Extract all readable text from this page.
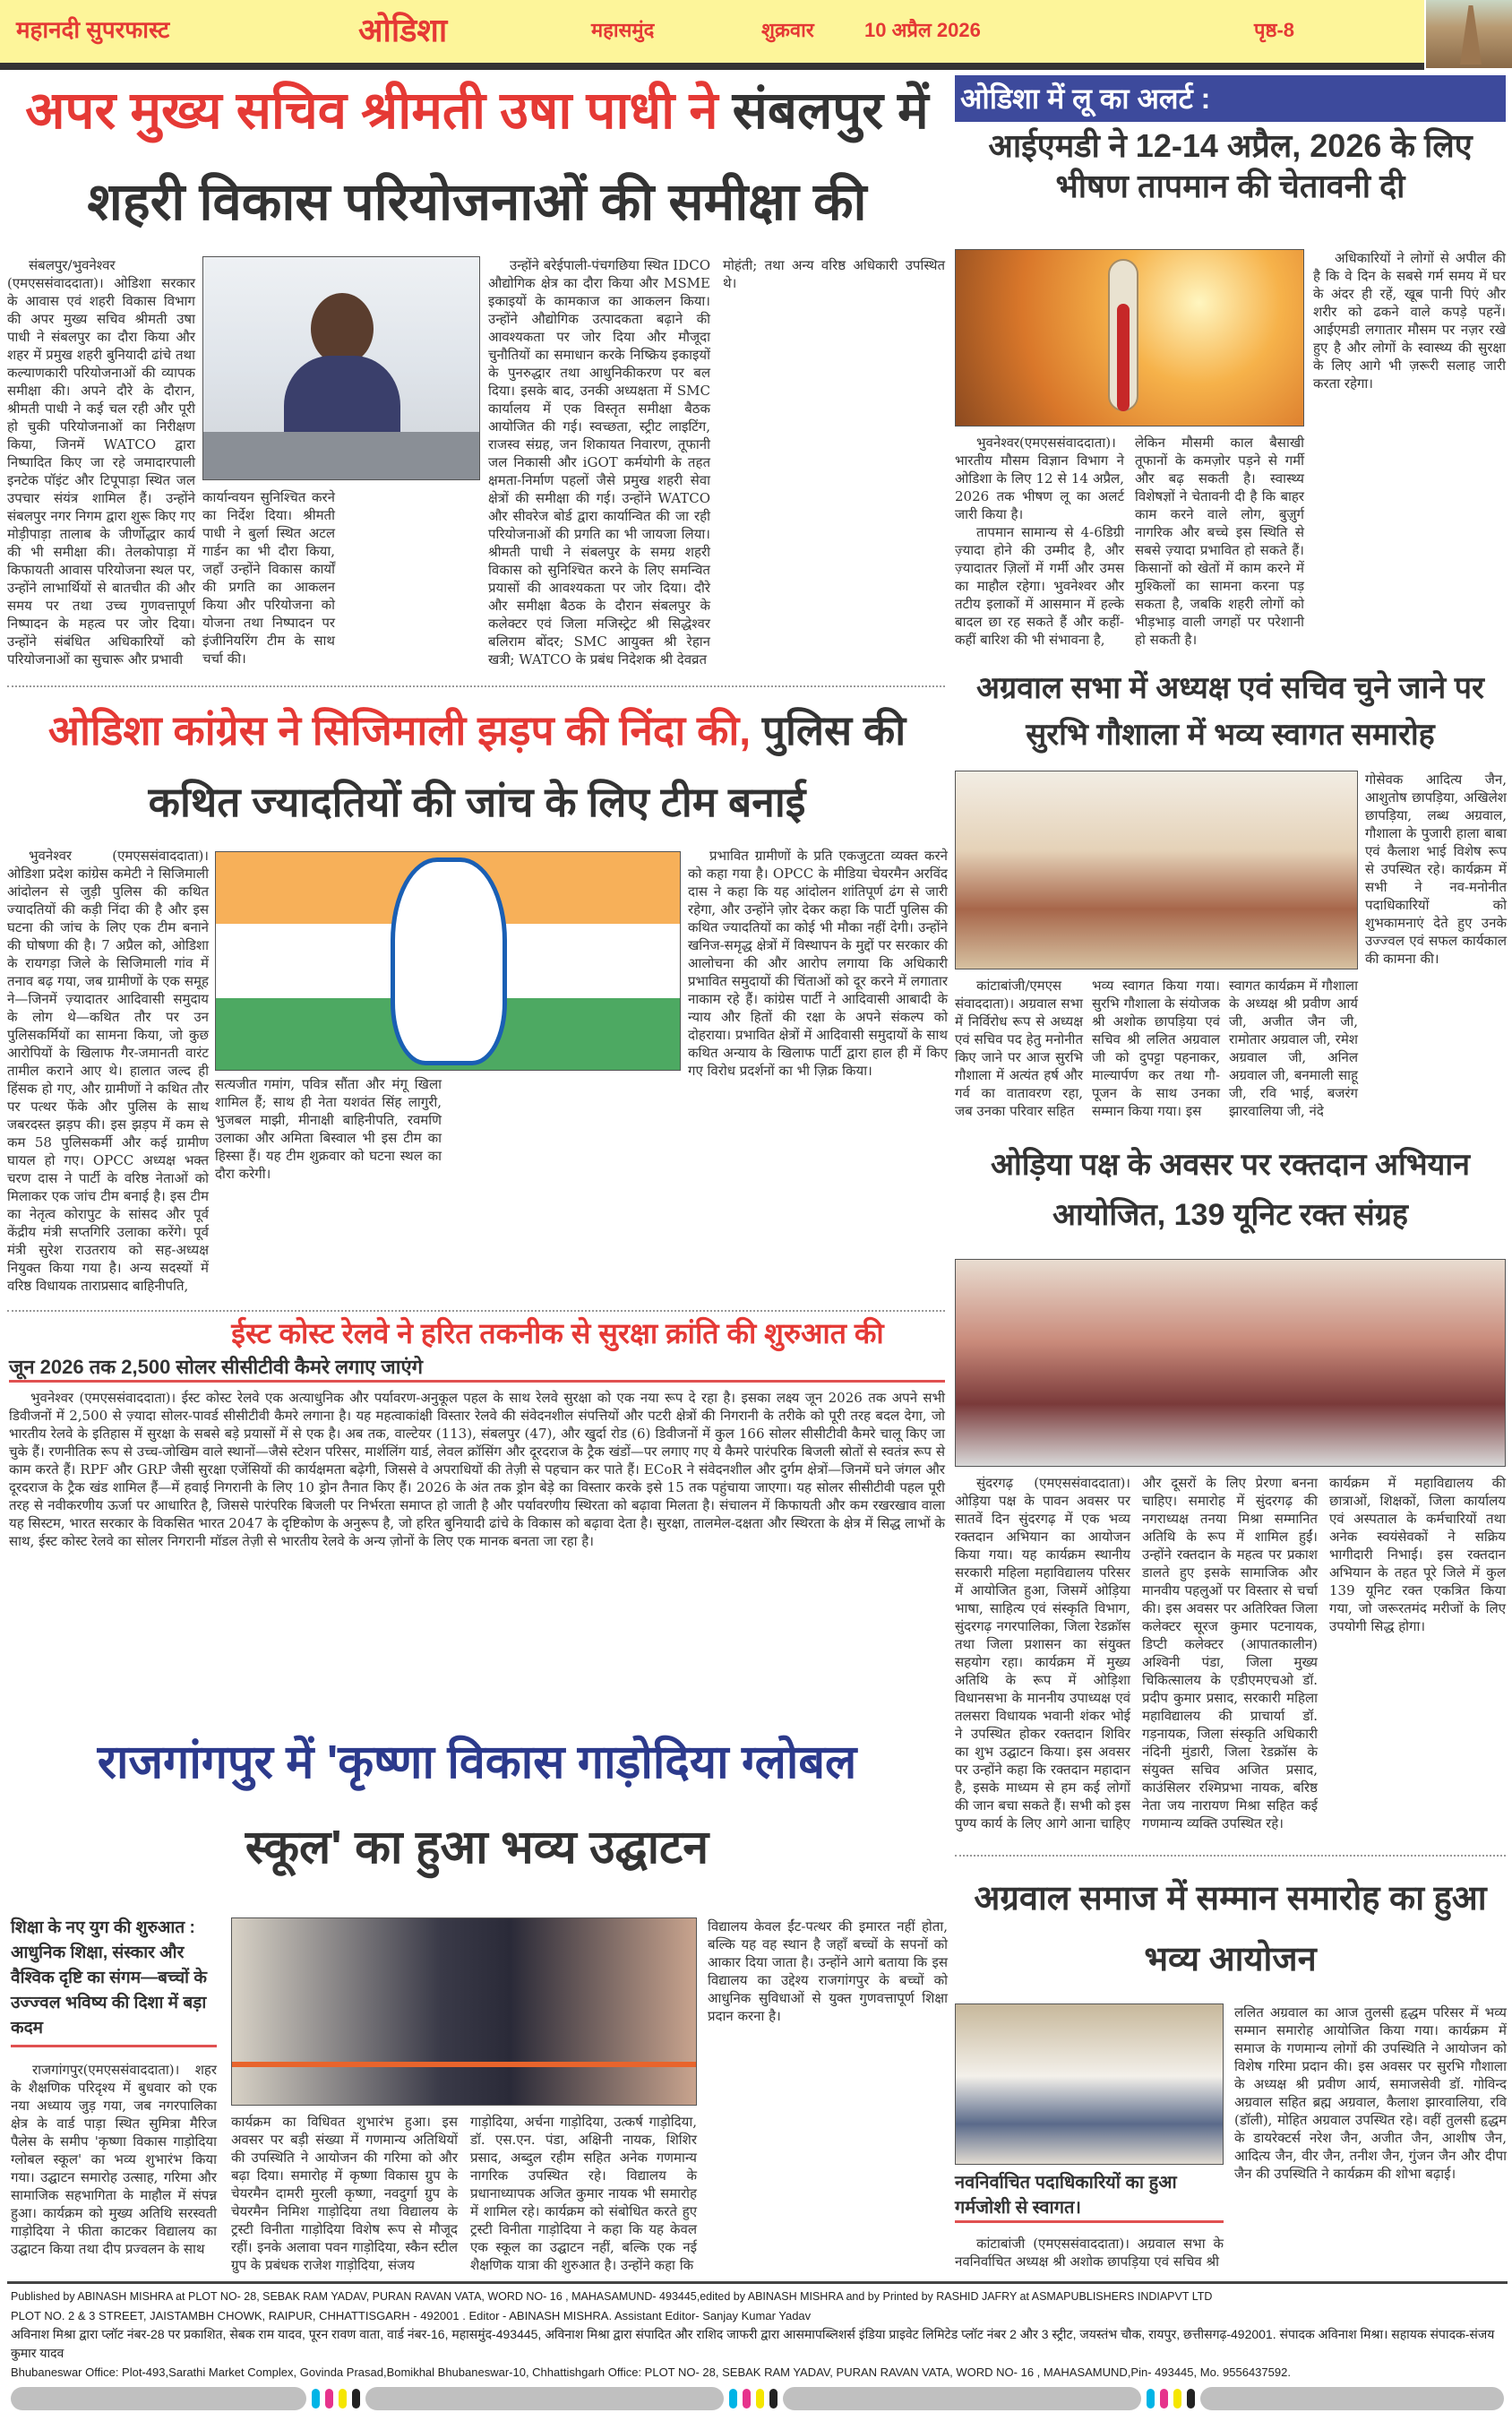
महानदी सुपरफास्ट	ओडिशा	महासमुंद	शुक्रवार	10 अप्रैल 2026	पृष्ठ-8
अपर मुख्य सचिव श्रीमती उषा पाधी ने संबलपुर में
शहरी विकास परियोजनाओं की समीक्षा की
संबलपुर/भुवनेश्वर (एमएससंवाददाता)। ओडिशा सरकार के आवास एवं शहरी विकास विभाग की अपर मुख्य सचिव श्रीमती उषा पाधी ने संबलपुर का दौरा किया और शहर में प्रमुख शहरी बुनियादी ढांचे तथा कल्याणकारी परियोजनाओं की व्यापक समीक्षा की। अपने दौरे के दौरान, श्रीमती पाधी ने कई चल रही और पूरी हो चुकी परियोजनाओं का निरीक्षण किया, जिनमें WATCO द्वारा निष्पादित किए जा रहे जमादारपाली इनटेक पॉइंट और टिपूपाड़ा स्थित जल उपचार संयंत्र शामिल हैं। उन्होंने संबलपुर नगर निगम द्वारा शुरू किए गए मोड़ीपाड़ा तालाब के जीर्णोद्धार कार्य की भी समीक्षा की। तेलकोपाड़ा में किफायती आवास परियोजना स्थल पर, उन्होंने लाभार्थियों से बातचीत की और समय पर तथा उच्च गुणवत्तापूर्ण निष्पादन के महत्व पर जोर दिया। उन्होंने संबंधित अधिकारियों को परियोजनाओं का सुचारू और प्रभावी
कार्यान्वयन सुनिश्चित करने का निर्देश दिया। श्रीमती पाधी ने बुर्ला स्थित अटल गार्डन का भी दौरा किया, जहाँ उन्होंने विकास कार्यों की प्रगति का आकलन किया और परियोजना को योजना तथा निष्पादन पर इंजीनियरिंग टीम के साथ चर्चा की।
उन्होंने बरेईपाली-पंचगछिया स्थित IDCO औद्योगिक क्षेत्र का दौरा किया और MSME इकाइयों के कामकाज का आकलन किया। उन्होंने औद्योगिक उत्पादकता बढ़ाने की आवश्यकता पर जोर दिया और मौजूदा चुनौतियों का समाधान करके निष्क्रिय इकाइयों के पुनरुद्धार तथा आधुनिकीकरण पर बल दिया। इसके बाद, उनकी अध्यक्षता में SMC कार्यालय में एक विस्तृत समीक्षा बैठक आयोजित की गई। स्वच्छता, स्ट्रीट लाइटिंग, राजस्व संग्रह, जन शिकायत निवारण, तूफानी जल निकासी और iGOT कर्मयोगी के तहत क्षमता-निर्माण पहलों जैसे प्रमुख शहरी सेवा क्षेत्रों की समीक्षा की गई। उन्होंने WATCO और सीवरेज बोर्ड द्वारा कार्यान्वित की जा रही परियोजनाओं की प्रगति का भी जायजा लिया। श्रीमती पाधी ने संबलपुर के समग्र शहरी विकास को सुनिश्चित करने के लिए समन्वित प्रयासों की आवश्यकता पर जोर दिया। दौरे और समीक्षा बैठक के दौरान संबलपुर के कलेक्टर एवं जिला मजिस्ट्रेट श्री सिद्धेश्वर बलिराम बोंदर; SMC आयुक्त श्री रेहान खत्री; WATCO के प्रबंध निदेशक श्री देवव्रत
मोहंती; तथा अन्य वरिष्ठ अधिकारी उपस्थित थे।
ओडिशा में लू का अलर्ट :
आईएमडी ने 12-14 अप्रैल, 2026 के लिए भीषण तापमान की चेतावनी दी
भुवनेश्वर(एमएससंवाददाता)। भारतीय मौसम विज्ञान विभाग ने ओडिशा के लिए 12 से 14 अप्रैल, 2026 तक भीषण लू का अलर्ट जारी किया है।
तापमान सामान्य से 4-6डिग्री ज़्यादा होने की उम्मीद है, और ज़्यादातर ज़िलों में गर्मी और उमस का माहौल रहेगा। भुवनेश्वर और तटीय इलाकों में आसमान में हल्के बादल छा रह सकते हैं और कहीं-कहीं बारिश की भी संभावना है,
लेकिन मौसमी काल बैसाखी तूफानों के कमज़ोर पड़ने से गर्मी और बढ़ सकती है। स्वास्थ्य विशेषज्ञों ने चेतावनी दी है कि बाहर काम करने वाले लोग, बुज़ुर्ग नागरिक और बच्चे इस स्थिति से सबसे ज़्यादा प्रभावित हो सकते हैं। किसानों को खेतों में काम करने में मुश्किलों का सामना करना पड़ सकता है, जबकि शहरी लोगों को भीड़भाड़ वाली जगहों पर परेशानी हो सकती है।
अधिकारियों ने लोगों से अपील की है कि वे दिन के सबसे गर्म समय में घर के अंदर ही रहें, खूब पानी पिएं और शरीर को ढकने वाले कपड़े पहनें। आईएमडी लगातार मौसम पर नज़र रखे हुए है और लोगों के स्वास्थ्य की सुरक्षा के लिए आगे भी ज़रूरी सलाह जारी करता रहेगा।
ओडिशा कांग्रेस ने सिजिमाली झड़प की निंदा की, पुलिस की कथित ज्यादतियों की जांच के लिए टीम बनाई
भुवनेश्वर (एमएससंवाददाता)। ओडिशा प्रदेश कांग्रेस कमेटी ने सिजिमाली आंदोलन से जुड़ी पुलिस की कथित ज्यादतियों की कड़ी निंदा की है और इस घटना की जांच के लिए एक टीम बनाने की घोषणा की है। 7 अप्रैल को, ओडिशा के रायगड़ा जिले के सिजिमाली गांव में तनाव बढ़ गया, जब ग्रामीणों के एक समूह ने—जिनमें ज़्यादातर आदिवासी समुदाय के लोग थे—कथित तौर पर उन पुलिसकर्मियों का सामना किया, जो कुछ आरोपियों के खिलाफ गैर-जमानती वारंट तामील कराने आए थे। हालात जल्द ही हिंसक हो गए, और ग्रामीणों ने कथित तौर पर पत्थर फेंके और पुलिस के साथ जबरदस्त झड़प की। इस झड़प में कम से कम 58 पुलिसकर्मी और कई ग्रामीण घायल हो गए। OPCC अध्यक्ष भक्त चरण दास ने पार्टी के वरिष्ठ नेताओं को मिलाकर एक जांच टीम बनाई है। इस टीम का नेतृत्व कोरापुट के सांसद और पूर्व केंद्रीय मंत्री सप्तगिरि उलाका करेंगे। पूर्व मंत्री सुरेश राउतराय को सह-अध्यक्ष नियुक्त किया गया है। अन्य सदस्यों में वरिष्ठ विधायक ताराप्रसाद बाहिनीपति,
सत्यजीत गमांग, पवित्र सौंता और मंगू खिला शामिल हैं; साथ ही नेता यशवंत सिंह लागुरी, भुजबल माझी, मीनाक्षी बाहिनीपति, रवमणि उलाका और अमिता बिस्वाल भी इस टीम का हिस्सा हैं। यह टीम शुक्रवार को घटना स्थल का दौरा करेगी।
प्रभावित ग्रामीणों के प्रति एकजुटता व्यक्त करने को कहा गया है। OPCC के मीडिया चेयरमैन अरविंद दास ने कहा कि यह आंदोलन शांतिपूर्ण ढंग से जारी रहेगा, और उन्होंने ज़ोर देकर कहा कि पार्टी पुलिस की कथित ज्यादतियों का कोई भी मौका नहीं देगी। उन्होंने खनिज-समृद्ध क्षेत्रों में विस्थापन के मुद्दों पर सरकार की आलोचना की और आरोप लगाया कि अधिकारी प्रभावित समुदायों की चिंताओं को दूर करने में लगातार नाकाम रहे हैं। कांग्रेस पार्टी ने आदिवासी आबादी के न्याय और हितों की रक्षा के अपने संकल्प को दोहराया। प्रभावित क्षेत्रों में आदिवासी समुदायों के साथ कथित अन्याय के खिलाफ पार्टी द्वारा हाल ही में किए गए विरोध प्रदर्शनों का भी ज़िक्र किया।
ईस्ट कोस्ट रेलवे ने हरित तकनीक से सुरक्षा क्रांति की शुरुआत की
जून 2026 तक 2,500 सोलर सीसीटीवी कैमरे लगाए जाएंगे
भुवनेश्वर (एमएससंवाददाता)। ईस्ट कोस्ट रेलवे एक अत्याधुनिक और पर्यावरण-अनुकूल पहल के साथ रेलवे सुरक्षा को एक नया रूप दे रहा है। इसका लक्ष्य जून 2026 तक अपने सभी डिवीजनों में 2,500 से ज़्यादा सोलर-पावर्ड सीसीटीवी कैमरे लगाना है। यह महत्वाकांक्षी विस्तार रेलवे की संवेदनशील संपत्तियों और पटरी क्षेत्रों की निगरानी के तरीके को पूरी तरह बदल देगा, जो भारतीय रेलवे के इतिहास में सुरक्षा के सबसे बड़े प्रयासों में से एक है। अब तक, वाल्टेयर (113), संबलपुर (47), और खुर्दा रोड (6) डिवीजनों में कुल 166 सोलर सीसीटीवी कैमरे चालू किए जा चुके हैं। रणनीतिक रूप से उच्च-जोखिम वाले स्थानों—जैसे स्टेशन परिसर, मार्शलिंग यार्ड, लेवल क्रॉसिंग और दूरदराज के ट्रैक खंडों—पर लगाए गए ये कैमरे पारंपरिक बिजली स्रोतों से स्वतंत्र रूप से काम करते हैं। RPF और GRP जैसी सुरक्षा एजेंसियों की कार्यक्षमता बढ़ेगी, जिससे वे अपराधियों की तेज़ी से पहचान कर पाते हैं। ECoR ने संवेदनशील और दुर्गम क्षेत्रों—जिनमें घने जंगल और दूरदराज के ट्रैक खंड शामिल हैं—में हवाई निगरानी के लिए 10 ड्रोन तैनात किए हैं। 2026 के अंत तक ड्रोन बेड़े का विस्तार करके इसे 15 तक पहुंचाया जाएगा। यह सोलर सीसीटीवी पहल पूरी तरह से नवीकरणीय ऊर्जा पर आधारित है, जिससे पारंपरिक बिजली पर निर्भरता समाप्त हो जाती है और पर्यावरणीय स्थिरता को बढ़ावा मिलता है। संचालन में किफायती और कम रखरखाव वाला यह सिस्टम, भारत सरकार के विकसित भारत 2047 के दृष्टिकोण के अनुरूप है, जो हरित बुनियादी ढांचे के विकास को बढ़ावा देता है। सुरक्षा, तालमेल-दक्षता और स्थिरता के क्षेत्र में सिद्ध लाभों के साथ, ईस्ट कोस्ट रेलवे का सोलर निगरानी मॉडल तेज़ी से भारतीय रेलवे के अन्य ज़ोनों के लिए एक मानक बनता जा रहा है।
राजगांगपुर में 'कृष्णा विकास गाड़ोदिया ग्लोबल
स्कूल' का हुआ भव्य उद्घाटन
शिक्षा के नए युग की शुरुआत : आधुनिक शिक्षा, संस्कार और वैश्विक दृष्टि का संगम—बच्चों के उज्ज्वल भविष्य की दिशा में बड़ा कदम
राजगांगपुर(एमएससंवाददाता)। शहर के शैक्षणिक परिदृश्य में बुधवार को एक नया अध्याय जुड़ गया, जब नगरपालिका क्षेत्र के वार्ड पाड़ा स्थित सुमित्रा मैरिज पैलेस के समीप 'कृष्णा विकास गाड़ोदिया ग्लोबल स्कूल' का भव्य शुभारंभ किया गया। उद्घाटन समारोह उत्साह, गरिमा और सामाजिक सहभागिता के माहौल में संपन्न हुआ। कार्यक्रम को मुख्य अतिथि सरस्वती गाड़ोदिया ने फीता काटकर विद्यालय का उद्घाटन किया तथा दीप प्रज्वलन के साथ
कार्यक्रम का विधिवत शुभारंभ हुआ। इस अवसर पर बड़ी संख्या में गणमान्य अतिथियों की उपस्थिति ने आयोजन की गरिमा को और बढ़ा दिया। समारोह में कृष्णा विकास ग्रुप के चेयरमैन दामरी मुरली कृष्णा, नवदुर्गा ग्रुप के चेयरमैन निमिश गाड़ोदिया तथा विद्यालय के ट्रस्टी विनीता गाड़ोदिया विशेष रूप से मौजूद रहीं। इनके अलावा पवन गाड़ोदिया, स्कैन स्टील ग्रुप के प्रबंधक राजेश गाड़ोदिया, संजय
गाड़ोदिया, अर्चना गाड़ोदिया, उत्कर्ष गाड़ोदिया, डॉ. एस.एन. पंडा, अक्षिनी नायक, शिशिर प्रसाद, अब्दुल रहीम सहित अनेक गणमान्य नागरिक उपस्थित रहे। विद्यालय के प्रधानाध्यापक अजित कुमार नायक भी समारोह में शामिल रहे। कार्यक्रम को संबोधित करते हुए ट्रस्टी विनीता गाड़ोदिया ने कहा कि यह केवल एक स्कूल का उद्घाटन नहीं, बल्कि एक नई शैक्षणिक यात्रा की शुरुआत है। उन्होंने कहा कि
विद्यालय केवल ईंट-पत्थर की इमारत नहीं होता, बल्कि यह वह स्थान है जहाँ बच्चों के सपनों को आकार दिया जाता है। उन्होंने आगे बताया कि इस विद्यालय का उद्देश्य राजगांगपुर के बच्चों को आधुनिक सुविधाओं से युक्त गुणवत्तापूर्ण शिक्षा प्रदान करना है।
अग्रवाल सभा में अध्यक्ष एवं सचिव चुने जाने पर सुरभि गौशाला में भव्य स्वागत समारोह
कांटाबांजी/एमएस संवाददाता)। अग्रवाल सभा में निर्विरोध रूप से अध्यक्ष एवं सचिव पद हेतु मनोनीत किए जाने पर आज सुरभि गौशाला में अत्यंत हर्ष और गर्व का वातावरण रहा, जब उनका परिवार सहित
भव्य स्वागत किया गया। सुरभि गौशाला के संयोजक श्री अशोक छापड़िया एवं सचिव श्री ललित अग्रवाल जी को दुपट्टा पहनाकर, माल्यार्पण कर तथा गौ-पूजन के साथ उनका सम्मान किया गया। इस
स्वागत कार्यक्रम में गौशाला के अध्यक्ष श्री प्रवीण आर्य जी, अजीत जैन जी, रामोतार अग्रवाल जी, रमेश अग्रवाल जी, अनिल अग्रवाल जी, बनमाली साहू जी, रवि भाई, बजरंग झारवालिया जी, नंदे
गोसेवक आदित्य जैन, आशुतोष छापड़िया, अखिलेश छापड़िया, लब्ध अग्रवाल, गौशाला के पुजारी हाला बाबा एवं कैलाश भाई विशेष रूप से उपस्थित रहे। कार्यक्रम में सभी ने नव-मनोनीत पदाधिकारियों को शुभकामनाएं देते हुए उनके उज्ज्वल एवं सफल कार्यकाल की कामना की।
ओड़िया पक्ष के अवसर पर रक्तदान अभियान आयोजित, 139 यूनिट रक्त संग्रह
सुंदरगढ़ (एमएससंवाददाता)। ओड़िया पक्ष के पावन अवसर पर सातवें दिन सुंदरगढ़ में एक भव्य रक्तदान अभियान का आयोजन किया गया। यह कार्यक्रम स्थानीय सरकारी महिला महाविद्यालय परिसर में आयोजित हुआ, जिसमें ओड़िया भाषा, साहित्य एवं संस्कृति विभाग, सुंदरगढ़ नगरपालिका, जिला रेडक्रॉस तथा जिला प्रशासन का संयुक्त सहयोग रहा। कार्यक्रम में मुख्य अतिथि के रूप में ओड़िशा विधानसभा के माननीय उपाध्यक्ष एवं तलसरा विधायक भवानी शंकर भोई ने उपस्थित होकर रक्तदान शिविर का शुभ उद्घाटन किया। इस अवसर पर उन्होंने कहा कि रक्तदान महादान है, इसके माध्यम से हम कई लोगों की जान बचा सकते हैं। सभी को इस पुण्य कार्य के लिए आगे आना चाहिए
और दूसरों के लिए प्रेरणा बनना चाहिए। समारोह में सुंदरगढ़ की नगराध्यक्ष तनया मिश्रा सम्मानित अतिथि के रूप में शामिल हुईं। उन्होंने रक्तदान के महत्व पर प्रकाश डालते हुए इसके सामाजिक और मानवीय पहलुओं पर विस्तार से चर्चा की। इस अवसर पर अतिरिक्त जिला कलेक्टर सूरज कुमार पटनायक, डिप्टी कलेक्टर (आपातकालीन) अश्विनी पंडा, जिला मुख्य चिकित्सालय के एडीएमएचओ डॉ. प्रदीप कुमार प्रसाद, सरकारी महिला महाविद्यालय की प्राचार्या डॉ. गड़नायक, जिला संस्कृति अधिकारी नंदिनी मुंडारी, जिला रेडक्रॉस के संयुक्त सचिव अजित प्रसाद, काउंसिलर रश्मिप्रभा नायक, बरिष्ठ नेता जय नारायण मिश्रा सहित कई गणमान्य व्यक्ति उपस्थित रहे।
कार्यक्रम में महाविद्यालय की छात्राओं, शिक्षकों, जिला कार्यालय एवं अस्पताल के कर्मचारियों तथा अनेक स्वयंसेवकों ने सक्रिय भागीदारी निभाई। इस रक्तदान अभियान के तहत पूरे जिले में कुल 139 यूनिट रक्त एकत्रित किया गया, जो जरूरतमंद मरीजों के लिए उपयोगी सिद्ध होगा।
अग्रवाल समाज में सम्मान समारोह का हुआ भव्य आयोजन
नवनिर्वाचित पदाधिकारियों का हुआ गर्मजोशी से स्वागत।
कांटाबांजी (एमएससंवाददाता)। अग्रवाल सभा के नवनिर्वाचित अध्यक्ष श्री अशोक छापड़िया एवं सचिव श्री
ललित अग्रवाल का आज तुलसी हृद्धम परिसर में भव्य सम्मान समारोह आयोजित किया गया। कार्यक्रम में समाज के गणमान्य लोगों की उपस्थिति ने आयोजन को विशेष गरिमा प्रदान की। इस अवसर पर सुरभि गौशाला के अध्यक्ष श्री प्रवीण आर्य, समाजसेवी डॉ. गोविन्द अग्रवाल सहित ब्रह्म अग्रवाल, कैलाश झारवालिया, रवि (डॉली), मोहित अग्रवाल उपस्थित रहे। वहीं तुलसी हृद्धम के डायरेक्टर्स नरेश जैन, अजीत जैन, आशीष जैन, आदित्य जैन, वीर जैन, तनीश जैन, गुंजन जैन और दीपा जैन की उपस्थिति ने कार्यक्रम की शोभा बढ़ाई।
Published by ABINASH MISHRA at PLOT NO- 28, SEBAK RAM YADAV, PURAN RAVAN VATA, WORD NO- 16 , MAHASAMUND- 493445,edited by ABINASH MISHRA and by Printed by RASHID JAFRY at ASMAPUBLISHERS INDIAPVT LTD
PLOT NO. 2 & 3 STREET, JAISTAMBH CHOWK, RAIPUR, CHHATTISGARH - 492001 . Editor - ABINASH MISHRA. Assistant Editor- Sanjay Kumar Yadav
अविनाश मिश्रा द्वारा प्लॉट नंबर-28 पर प्रकाशित, सेबक राम यादव, पूरन रावण वाता, वार्ड नंबर-16, महासमुंद-493445, अविनाश मिश्रा द्वारा संपादित और राशिद जाफरी द्वारा आसमापब्लिशर्स इंडिया प्राइवेट लिमिटेड प्लॉट नंबर 2 और 3 स्ट्रीट, जयस्तंभ चौक, रायपुर, छत्तीसगढ़-492001. संपादक अविनाश मिश्रा। सहायक संपादक-संजय कुमार यादव
Bhubaneswar Office: Plot-493,Sarathi Market Complex, Govinda Prasad,Bomikhal Bhubaneswar-10, Chhattishgarh Office: PLOT NO- 28, SEBAK RAM YADAV, PURAN RAVAN VATA, WORD NO- 16 , MAHASAMUND,Pin- 493445, Mo. 9556437592.
